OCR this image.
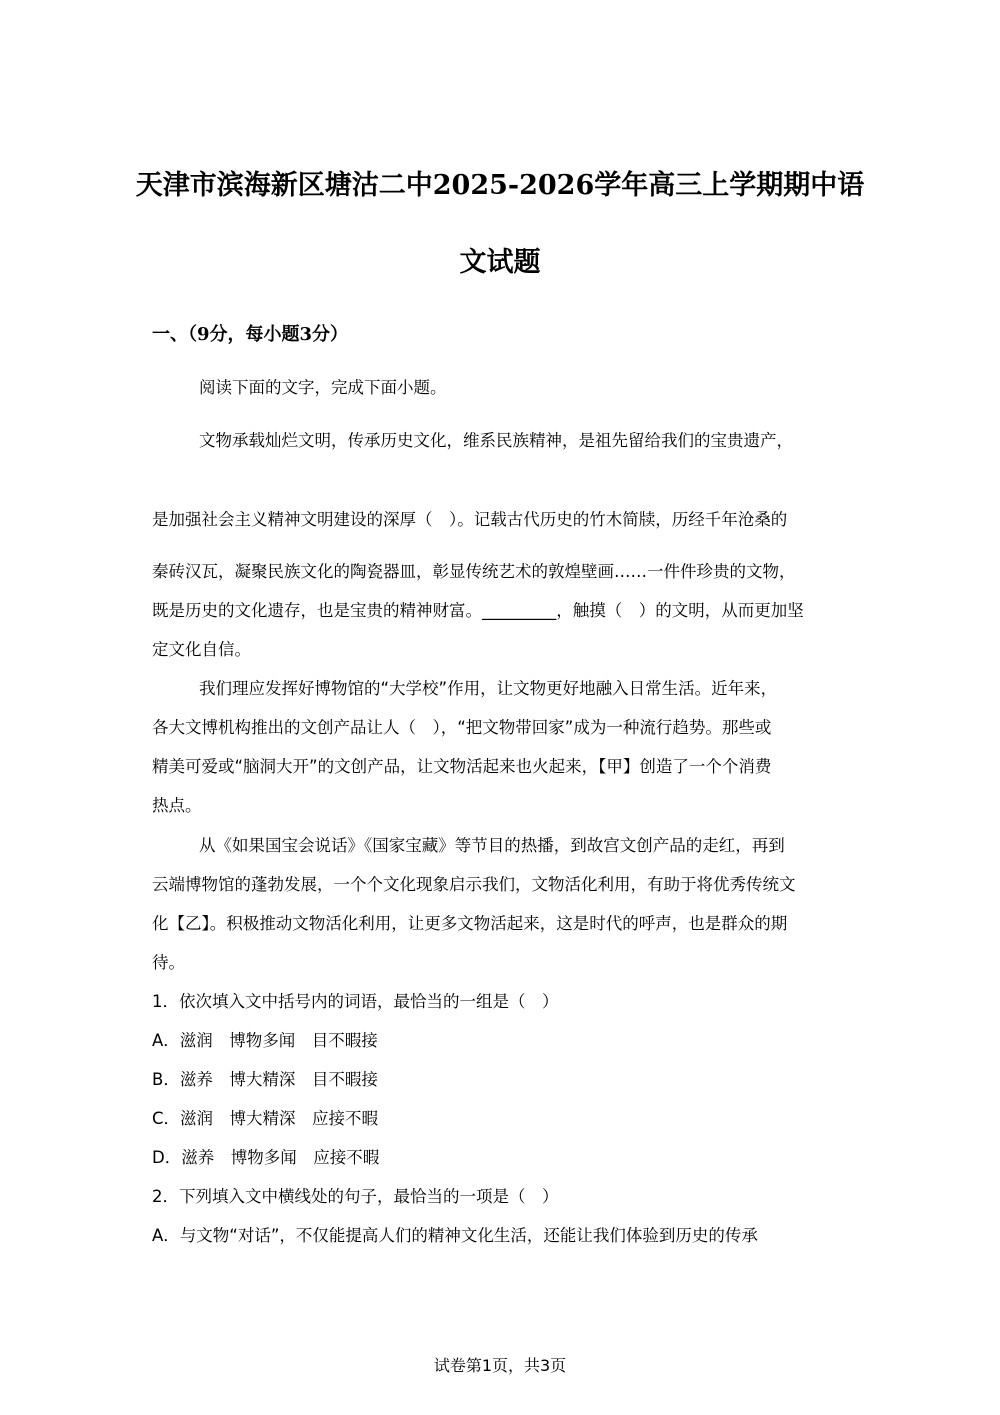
天津市滨海新区塘沽二中2025-2026学年高三上学期期中语
文试题
一、（9分，每小题3分）

阅读下面的文字，完成下面小题。

文物承载灿烂文明，传承历史文化，维系民族精神，是祖先留给我们的宝贵遗产，

是加强社会主义精神文明建设的深厚（　）。记载古代历史的竹木简牍，历经千年沧桑的

秦砖汉瓦，凝聚民族文化的陶瓷器皿，彰显传统艺术的敦煌壁画……一件件珍贵的文物，

既是历史的文化遗存，也是宝贵的精神财富。_________，触摸（　）的文明，从而更加坚

定文化自信。

我们理应发挥好博物馆的“大学校”作用，让文物更好地融入日常生活。近年来，

各大文博机构推出的文创产品让人（　），“把文物带回家”成为一种流行趋势。那些或

精美可爱或“脑洞大开”的文创产品，让文物活起来也火起来，【甲】创造了一个个消费

热点。

从《如果国宝会说话》《国家宝藏》等节目的热播，到故宫文创产品的走红，再到

云端博物馆的蓬勃发展，一个个文化现象启示我们，文物活化利用，有助于将优秀传统文

化【乙】。积极推动文物活化利用，让更多文物活起来，这是时代的呼声，也是群众的期

待。

1．依次填入文中括号内的词语，最恰当的一组是（　）

A．滋润　博物多闻　目不暇接

B．滋养　博大精深　目不暇接

C．滋润　博大精深　应接不暇

D．滋养　博物多闻　应接不暇

2．下列填入文中横线处的句子，最恰当的一项是（　）

A．与文物“对话”，不仅能提高人们的精神文化生活，还能让我们体验到历史的传承

试卷第1页，共3页
